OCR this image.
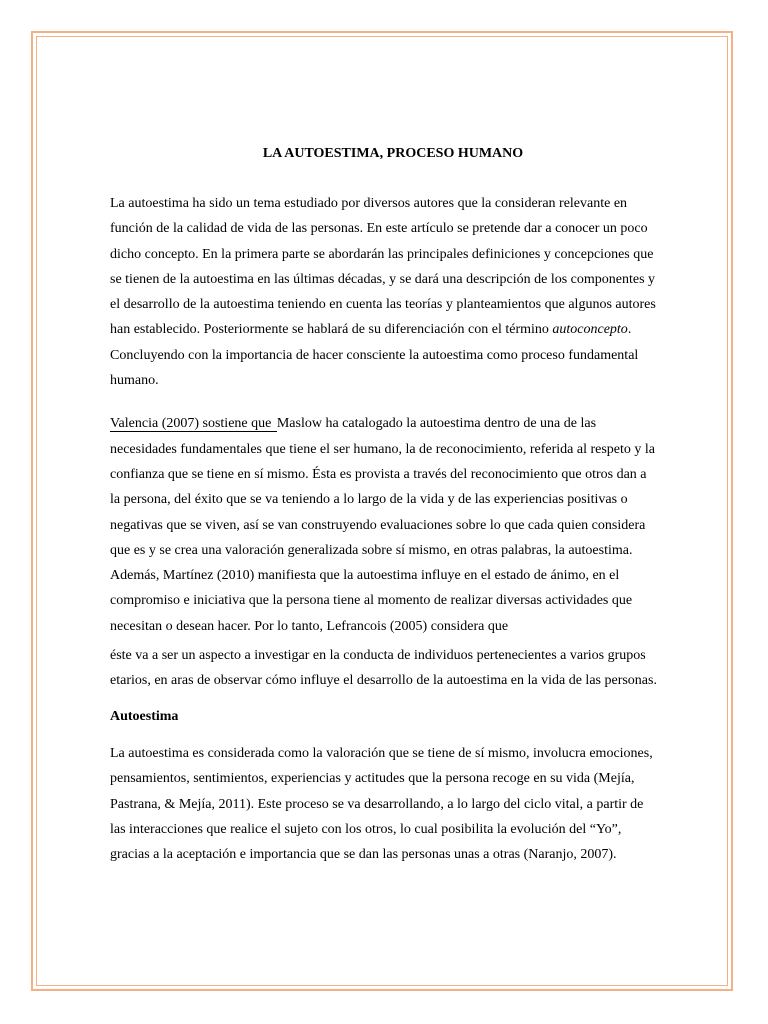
LA AUTOESTIMA, PROCESO HUMANO

La autoestima ha sido un tema estudiado por diversos autores que la consideran relevante en función de la calidad de vida de las personas. En este artículo se pretende dar a conocer un poco dicho concepto. En la primera parte se abordarán las principales definiciones y concepciones que se tienen de la autoestima en las últimas décadas, y se dará una descripción de los componentes y el desarrollo de la autoestima teniendo en cuenta las teorías y planteamientos que algunos autores han establecido. Posteriormente se hablará de su diferenciación con el término autoconcepto. Concluyendo con la importancia de hacer consciente la autoestima como proceso fundamental humano.

Valencia (2007) sostiene que Maslow ha catalogado la autoestima dentro de una de las necesidades fundamentales que tiene el ser humano, la de reconocimiento, referida al respeto y la confianza que se tiene en sí mismo. Ésta es provista a través del reconocimiento que otros dan a la persona, del éxito que se va teniendo a lo largo de la vida y de las experiencias positivas o negativas que se viven, así se van construyendo evaluaciones sobre lo que cada quien considera que es y se crea una valoración generalizada sobre sí mismo, en otras palabras, la autoestima. Además, Martínez (2010) manifiesta que la autoestima influye en el estado de ánimo, en el compromiso e iniciativa que la persona tiene al momento de realizar diversas actividades que necesitan o desean hacer. Por lo tanto, Lefrancois (2005) considera que

éste va a ser un aspecto a investigar en la conducta de individuos pertenecientes a varios grupos etarios, en aras de observar cómo influye el desarrollo de la autoestima en la vida de las personas.

Autoestima

La autoestima es considerada como la valoración que se tiene de sí mismo, involucra emociones, pensamientos, sentimientos, experiencias y actitudes que la persona recoge en su vida (Mejía, Pastrana, & Mejía, 2011). Este proceso se va desarrollando, a lo largo del ciclo vital, a partir de las interacciones que realice el sujeto con los otros, lo cual posibilita la evolución del “Yo”, gracias a la aceptación e importancia que se dan las personas unas a otras (Naranjo, 2007).
